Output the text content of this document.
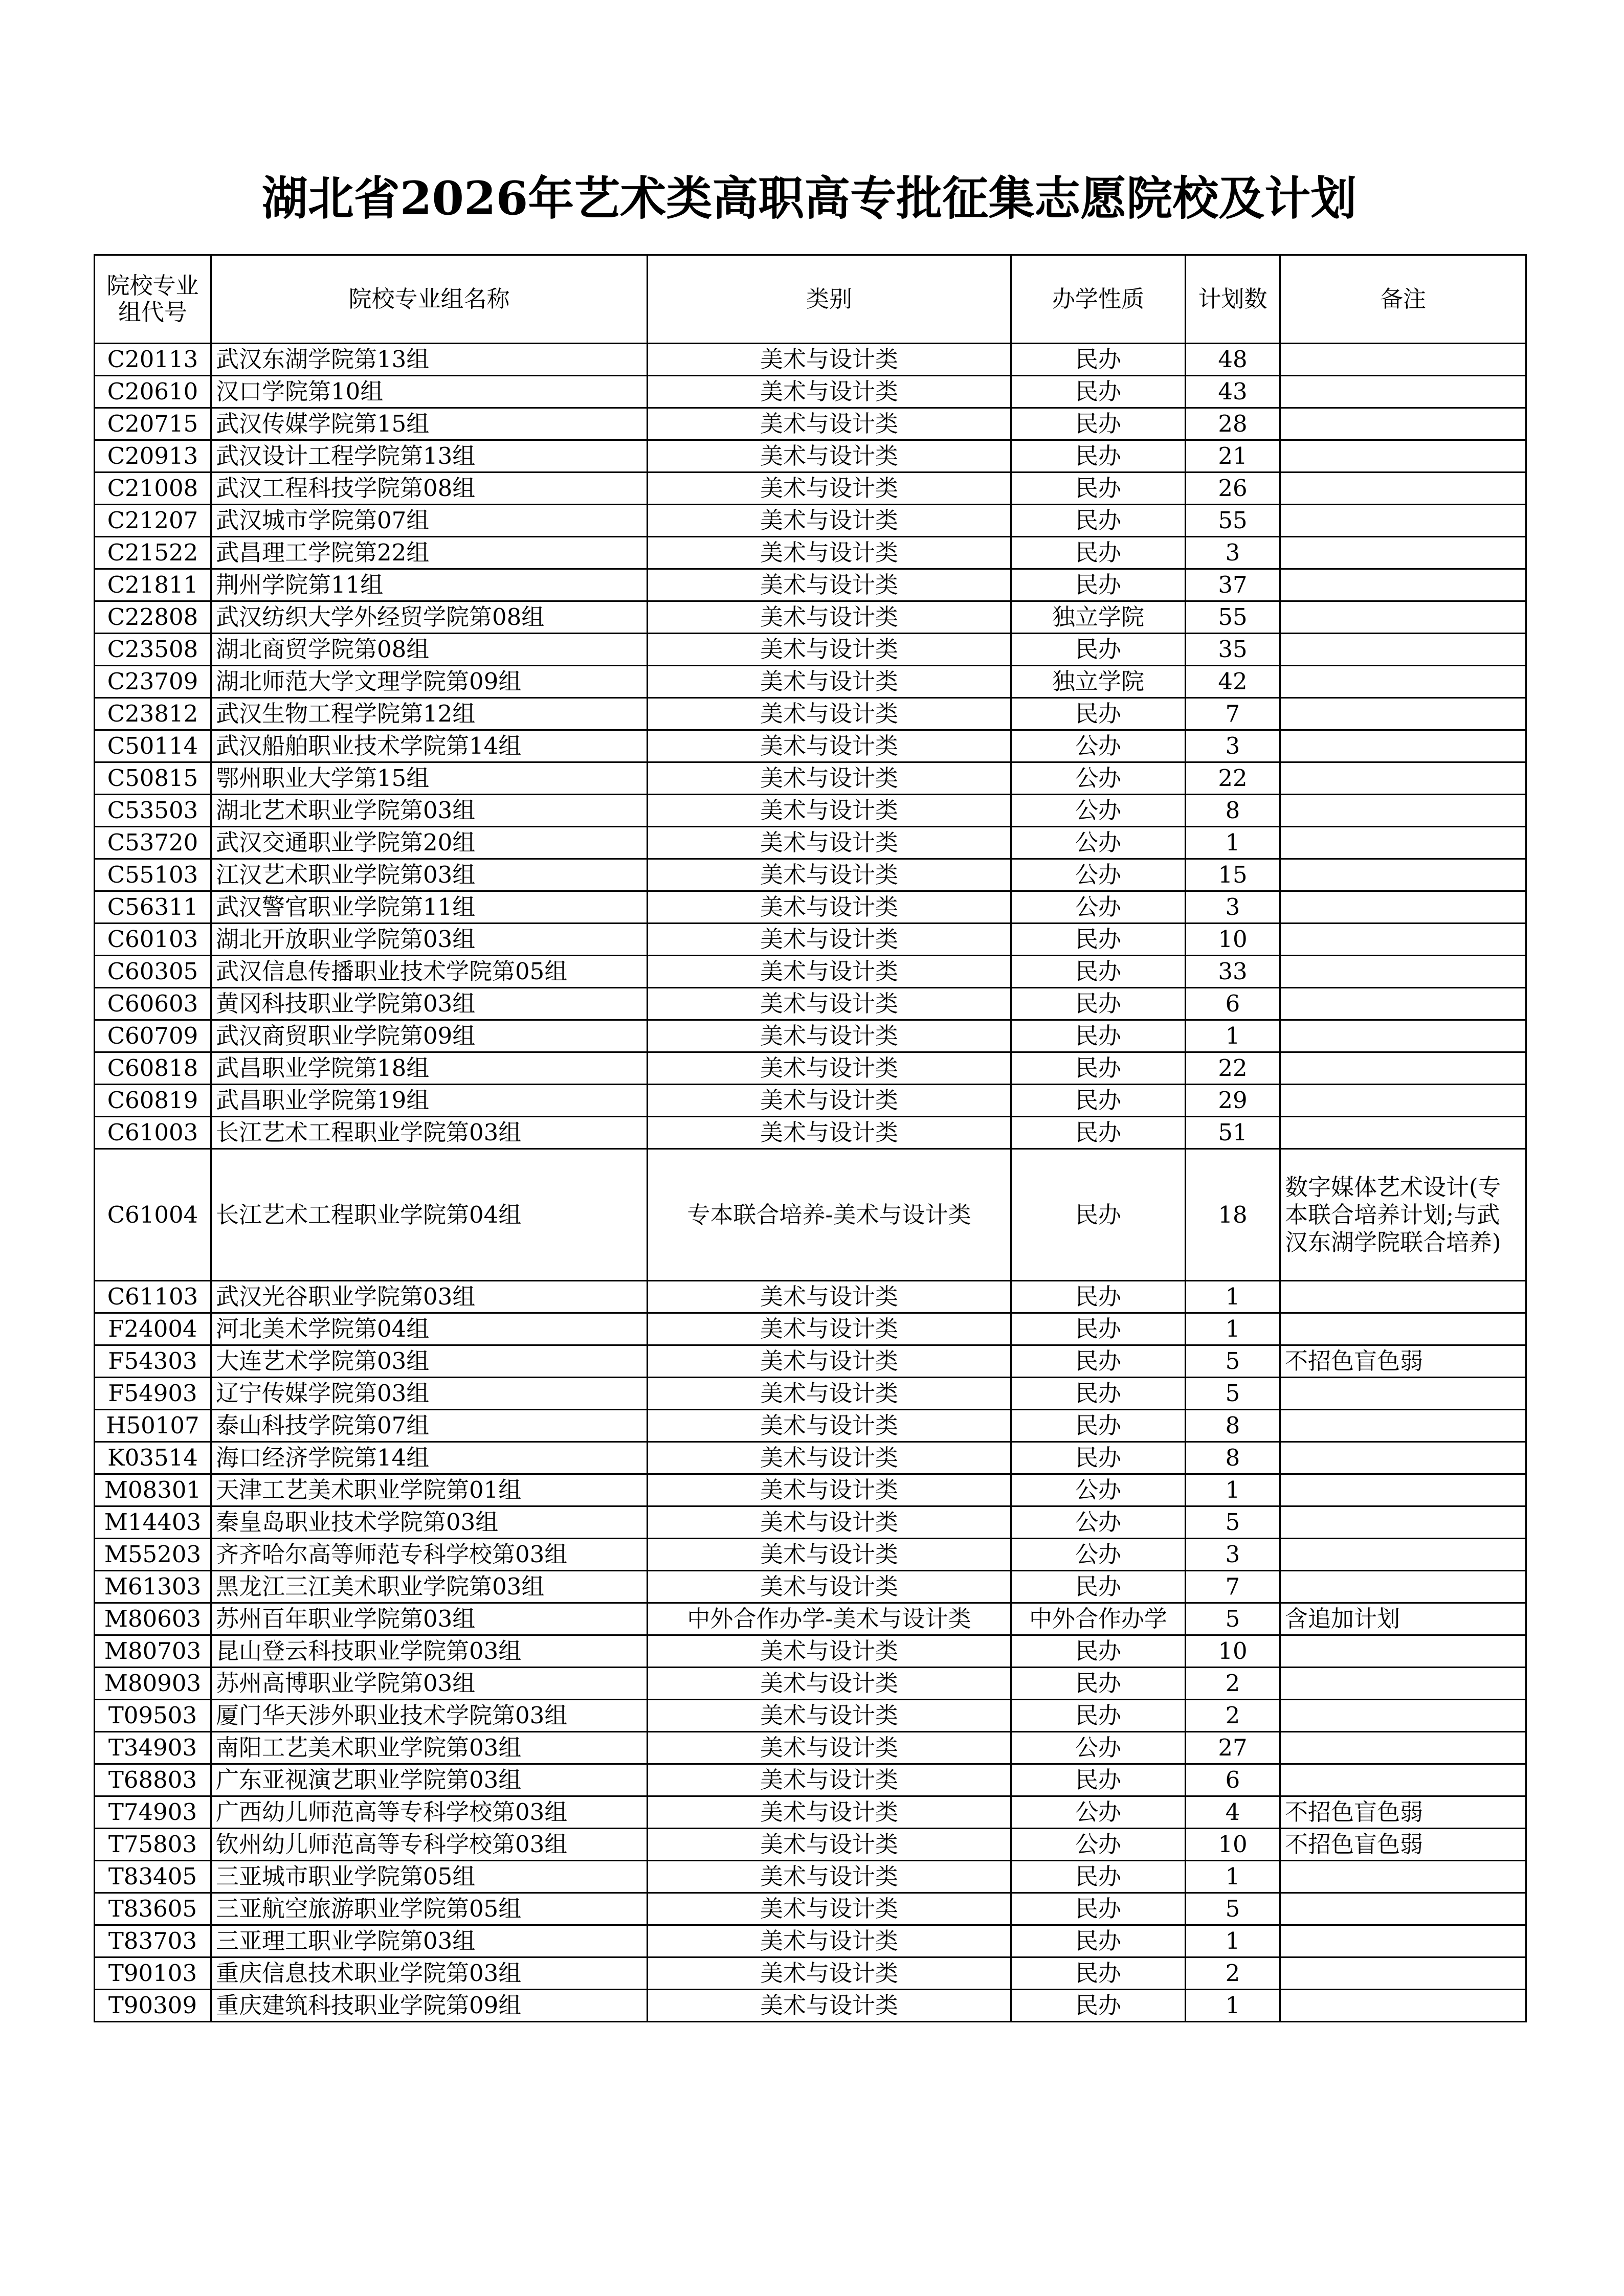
湖北省2026年艺术类高职高专批征集志愿院校及计划
院校专业组代号	院校专业组名称	类别	办学性质	计划数	备注
C20113	武汉东湖学院第13组	美术与设计类	民办	48	
C20610	汉口学院第10组	美术与设计类	民办	43	
C20715	武汉传媒学院第15组	美术与设计类	民办	28	
C20913	武汉设计工程学院第13组	美术与设计类	民办	21	
C21008	武汉工程科技学院第08组	美术与设计类	民办	26	
C21207	武汉城市学院第07组	美术与设计类	民办	55	
C21522	武昌理工学院第22组	美术与设计类	民办	3	
C21811	荆州学院第11组	美术与设计类	民办	37	
C22808	武汉纺织大学外经贸学院第08组	美术与设计类	独立学院	55	
C23508	湖北商贸学院第08组	美术与设计类	民办	35	
C23709	湖北师范大学文理学院第09组	美术与设计类	独立学院	42	
C23812	武汉生物工程学院第12组	美术与设计类	民办	7	
C50114	武汉船舶职业技术学院第14组	美术与设计类	公办	3	
C50815	鄂州职业大学第15组	美术与设计类	公办	22	
C53503	湖北艺术职业学院第03组	美术与设计类	公办	8	
C53720	武汉交通职业学院第20组	美术与设计类	公办	1	
C55103	江汉艺术职业学院第03组	美术与设计类	公办	15	
C56311	武汉警官职业学院第11组	美术与设计类	公办	3	
C60103	湖北开放职业学院第03组	美术与设计类	民办	10	
C60305	武汉信息传播职业技术学院第05组	美术与设计类	民办	33	
C60603	黄冈科技职业学院第03组	美术与设计类	民办	6	
C60709	武汉商贸职业学院第09组	美术与设计类	民办	1	
C60818	武昌职业学院第18组	美术与设计类	民办	22	
C60819	武昌职业学院第19组	美术与设计类	民办	29	
C61003	长江艺术工程职业学院第03组	美术与设计类	民办	51	
C61004	长江艺术工程职业学院第04组	专本联合培养-美术与设计类	民办	18	数字媒体艺术设计(专本联合培养计划;与武汉东湖学院联合培养)
C61103	武汉光谷职业学院第03组	美术与设计类	民办	1	
F24004	河北美术学院第04组	美术与设计类	民办	1	
F54303	大连艺术学院第03组	美术与设计类	民办	5	不招色盲色弱
F54903	辽宁传媒学院第03组	美术与设计类	民办	5	
H50107	泰山科技学院第07组	美术与设计类	民办	8	
K03514	海口经济学院第14组	美术与设计类	民办	8	
M08301	天津工艺美术职业学院第01组	美术与设计类	公办	1	
M14403	秦皇岛职业技术学院第03组	美术与设计类	公办	5	
M55203	齐齐哈尔高等师范专科学校第03组	美术与设计类	公办	3	
M61303	黑龙江三江美术职业学院第03组	美术与设计类	民办	7	
M80603	苏州百年职业学院第03组	中外合作办学-美术与设计类	中外合作办学	5	含追加计划
M80703	昆山登云科技职业学院第03组	美术与设计类	民办	10	
M80903	苏州高博职业学院第03组	美术与设计类	民办	2	
T09503	厦门华天涉外职业技术学院第03组	美术与设计类	民办	2	
T34903	南阳工艺美术职业学院第03组	美术与设计类	公办	27	
T68803	广东亚视演艺职业学院第03组	美术与设计类	民办	6	
T74903	广西幼儿师范高等专科学校第03组	美术与设计类	公办	4	不招色盲色弱
T75803	钦州幼儿师范高等专科学校第03组	美术与设计类	公办	10	不招色盲色弱
T83405	三亚城市职业学院第05组	美术与设计类	民办	1	
T83605	三亚航空旅游职业学院第05组	美术与设计类	民办	5	
T83703	三亚理工职业学院第03组	美术与设计类	民办	1	
T90103	重庆信息技术职业学院第03组	美术与设计类	民办	2	
T90309	重庆建筑科技职业学院第09组	美术与设计类	民办	1	
